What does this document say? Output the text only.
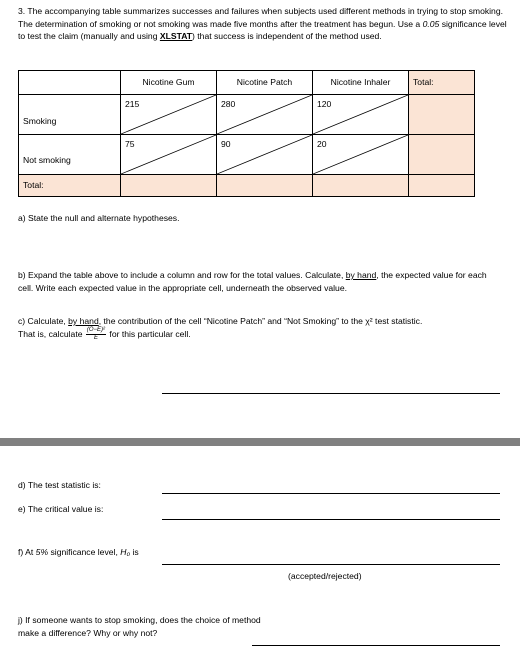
3. The accompanying table summarizes successes and failures when subjects used different methods in trying to stop smoking. The determination of smoking or not smoking was made five months after the treatment has begun. Use a 0.05 significance level to test the claim (manually and using XLSTAT) that success is independent of the method used.
	Nicotine Gum	Nicotine Patch	Nicotine Inhaler	Total:
Smoking	215	280	120	

Not smoking	75	90	20	

Total:				
a) State the null and alternate hypotheses.
b) Expand the table above to include a column and row for the total values. Calculate, by hand, the expected value for each cell. Write each expected value in the appropriate cell, underneath the observed value.
c) Calculate, by hand, the contribution of the cell “Nicotine Patch” and “Not Smoking” to the χ² test statistic.
That is, calculate $\frac{\text{(O−E)²}}{E}$ for this particular cell.
d) The test statistic is:
e) The critical value is:
f) At 5% significance level, H₀ is
(accepted/rejected)
j) If someone wants to stop smoking, does the choice of method make a difference? Why or why not?
